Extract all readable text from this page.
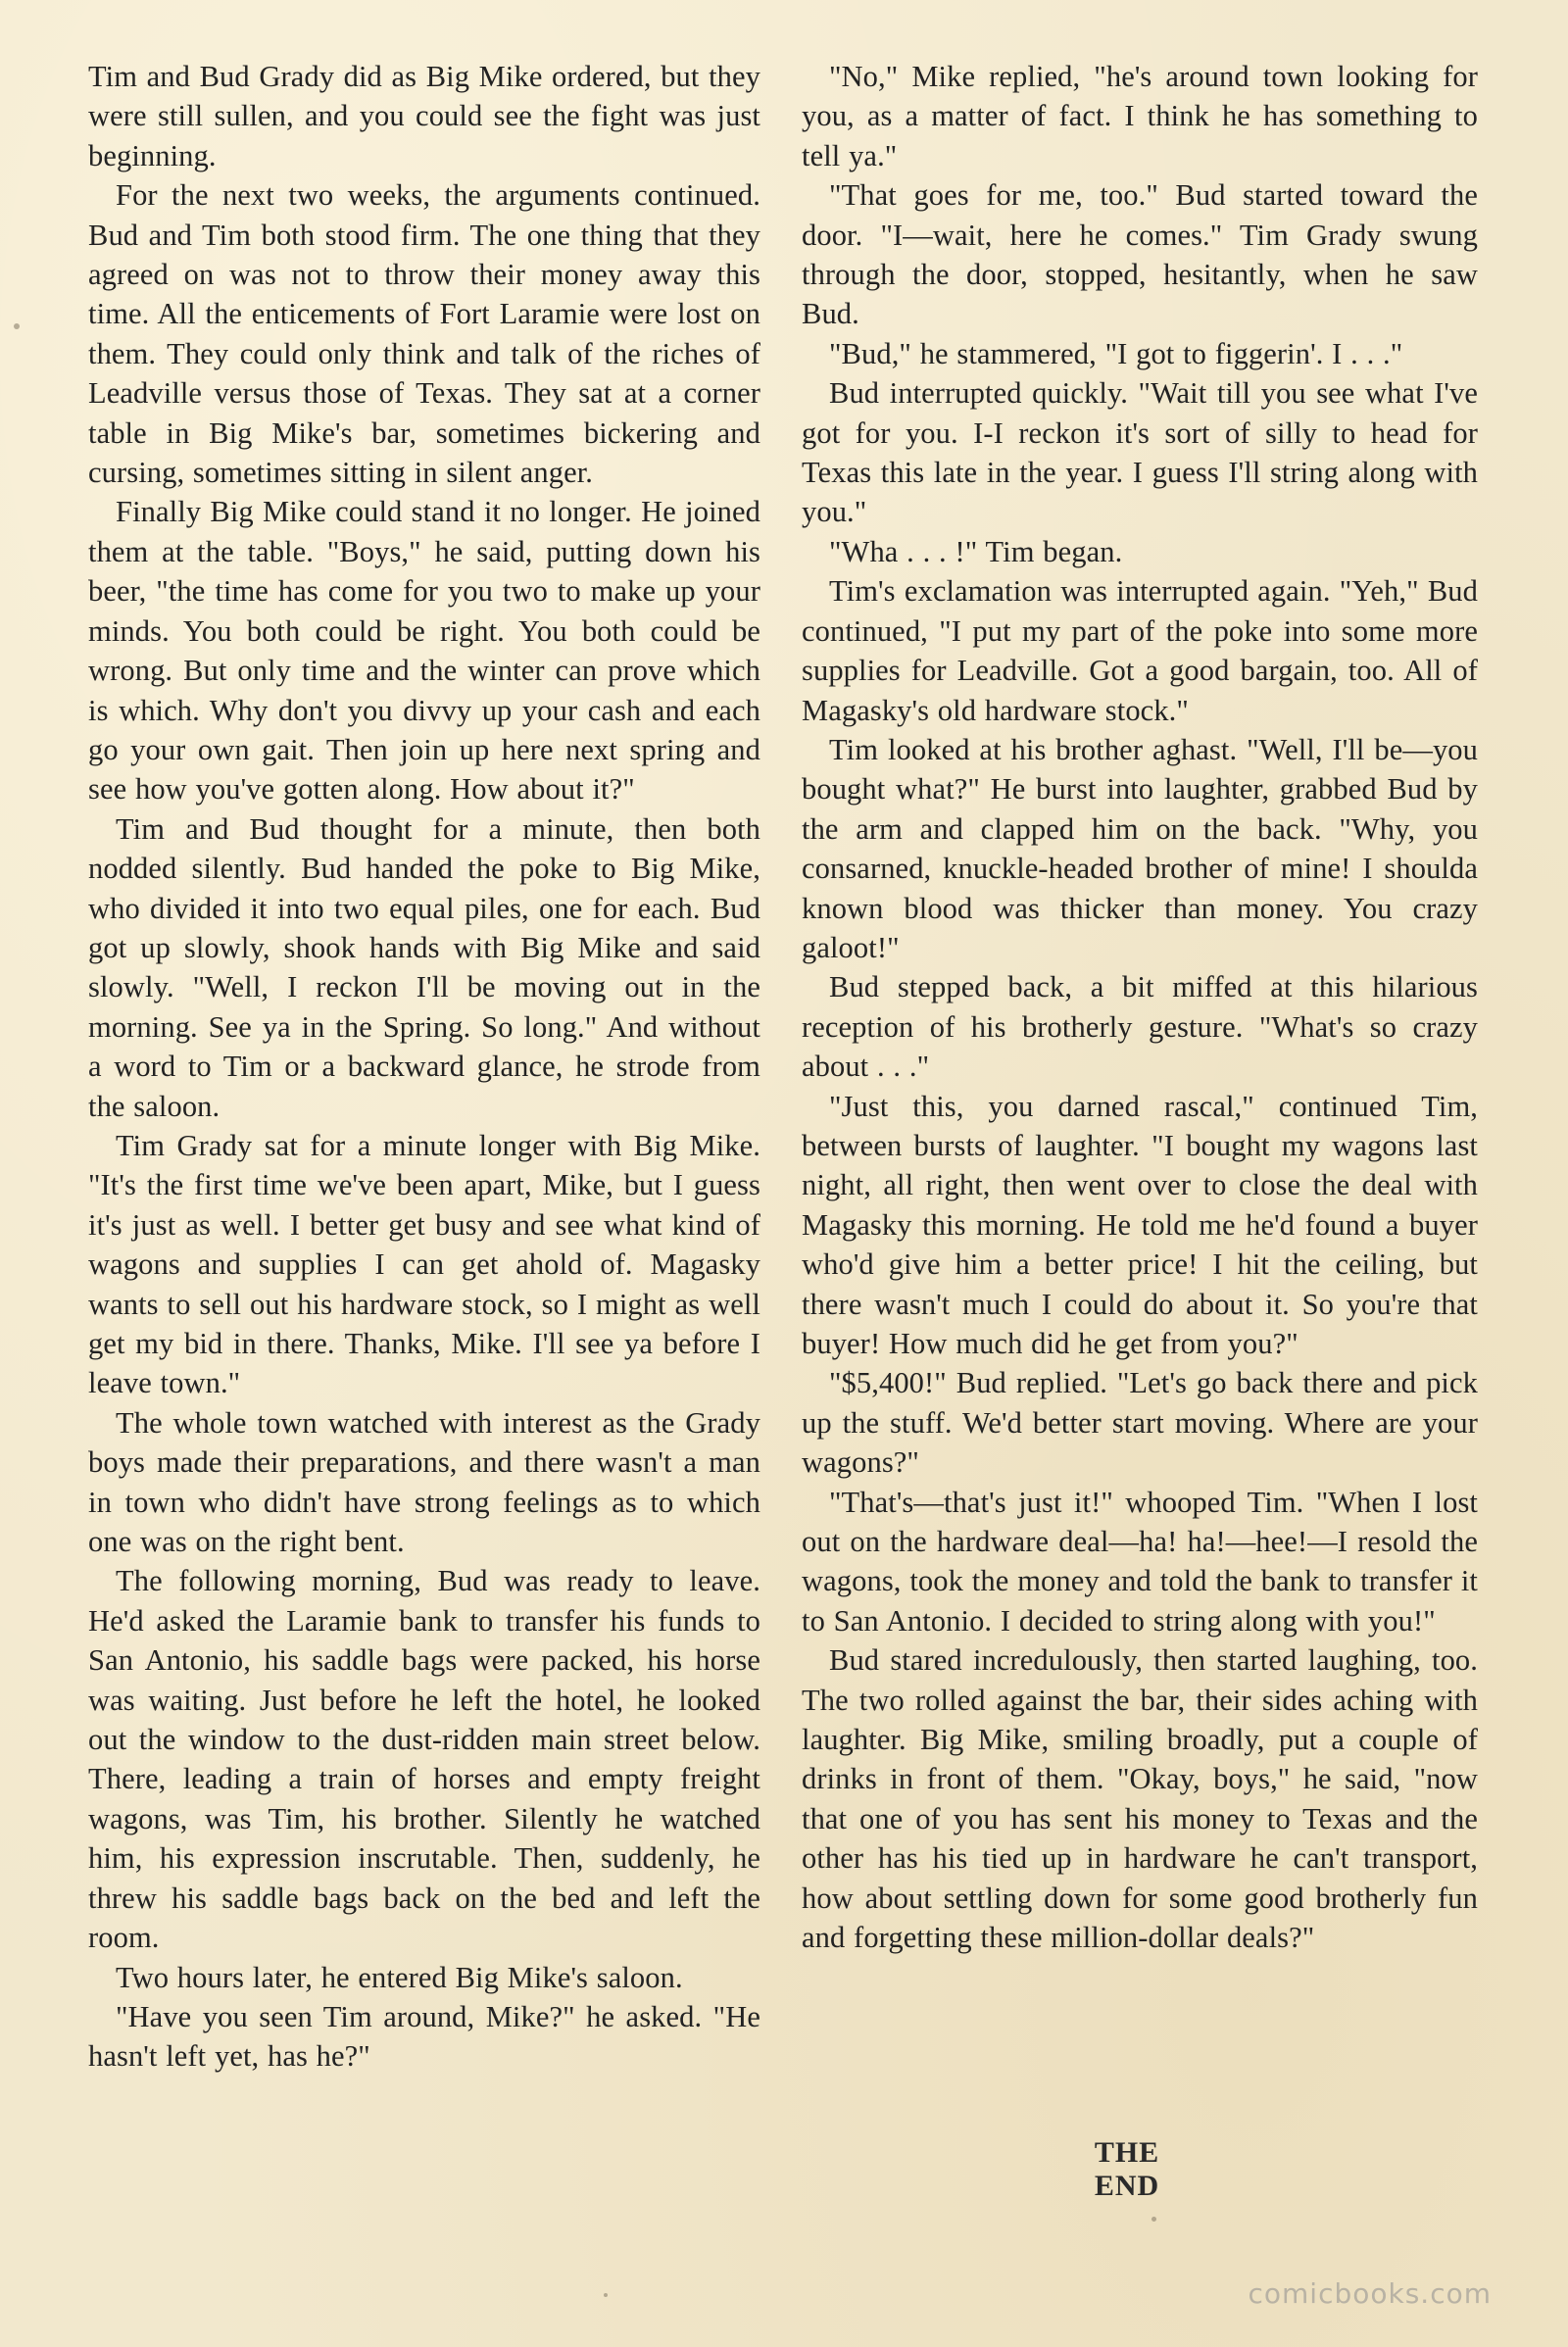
Tim and Bud Grady did as Big Mike ordered, but they were still sullen, and you could see the fight was just beginning.

For the next two weeks, the arguments continued. Bud and Tim both stood firm. The one thing that they agreed on was not to throw their money away this time. All the enticements of Fort Laramie were lost on them. They could only think and talk of the riches of Leadville versus those of Texas. They sat at a corner table in Big Mike's bar, sometimes bickering and cursing, sometimes sitting in silent anger.

Finally Big Mike could stand it no longer. He joined them at the table. "Boys," he said, putting down his beer, "the time has come for you two to make up your minds. You both could be right. You both could be wrong. But only time and the winter can prove which is which. Why don't you divvy up your cash and each go your own gait. Then join up here next spring and see how you've gotten along. How about it?"

Tim and Bud thought for a minute, then both nodded silently. Bud handed the poke to Big Mike, who divided it into two equal piles, one for each. Bud got up slowly, shook hands with Big Mike and said slowly. "Well, I reckon I'll be moving out in the morning. See ya in the Spring. So long." And without a word to Tim or a backward glance, he strode from the saloon.

Tim Grady sat for a minute longer with Big Mike. "It's the first time we've been apart, Mike, but I guess it's just as well. I better get busy and see what kind of wagons and supplies I can get ahold of. Magasky wants to sell out his hardware stock, so I might as well get my bid in there. Thanks, Mike. I'll see ya before I leave town."

The whole town watched with interest as the Grady boys made their preparations, and there wasn't a man in town who didn't have strong feelings as to which one was on the right bent.

The following morning, Bud was ready to leave. He'd asked the Laramie bank to transfer his funds to San Antonio, his saddle bags were packed, his horse was waiting. Just before he left the hotel, he looked out the window to the dust-ridden main street below. There, leading a train of horses and empty freight wagons, was Tim, his brother. Silently he watched him, his expression inscrutable. Then, suddenly, he threw his saddle bags back on the bed and left the room.

Two hours later, he entered Big Mike's saloon.

"Have you seen Tim around, Mike?" he asked. "He hasn't left yet, has he?"

"No," Mike replied, "he's around town looking for you, as a matter of fact. I think he has something to tell ya."

"That goes for me, too." Bud started toward the door. "I—wait, here he comes." Tim Grady swung through the door, stopped, hesitantly, when he saw Bud.

"Bud," he stammered, "I got to figgerin'. I . . ."

Bud interrupted quickly. "Wait till you see what I've got for you. I-I reckon it's sort of silly to head for Texas this late in the year. I guess I'll string along with you."

"Wha . . . !" Tim began.

Tim's exclamation was interrupted again. "Yeh," Bud continued, "I put my part of the poke into some more supplies for Leadville. Got a good bargain, too. All of Magasky's old hardware stock."

Tim looked at his brother aghast. "Well, I'll be—you bought what?" He burst into laughter, grabbed Bud by the arm and clapped him on the back. "Why, you consarned, knuckle-headed brother of mine! I shoulda known blood was thicker than money. You crazy galoot!"

Bud stepped back, a bit miffed at this hilarious reception of his brotherly gesture. "What's so crazy about . . ."

"Just this, you darned rascal," continued Tim, between bursts of laughter. "I bought my wagons last night, all right, then went over to close the deal with Magasky this morning. He told me he'd found a buyer who'd give him a better price! I hit the ceiling, but there wasn't much I could do about it. So you're that buyer! How much did he get from you?"

"$5,400!" Bud replied. "Let's go back there and pick up the stuff. We'd better start moving. Where are your wagons?"

"That's—that's just it!" whooped Tim. "When I lost out on the hardware deal—ha! ha!—hee!—I resold the wagons, took the money and told the bank to transfer it to San Antonio. I decided to string along with you!"

Bud stared incredulously, then started laughing, too. The two rolled against the bar, their sides aching with laughter. Big Mike, smiling broadly, put a couple of drinks in front of them. "Okay, boys," he said, "now that one of you has sent his money to Texas and the other has his tied up in hardware he can't transport, how about settling down for some good brotherly fun and forgetting these million-dollar deals?"

THE END
comicbooks.com
